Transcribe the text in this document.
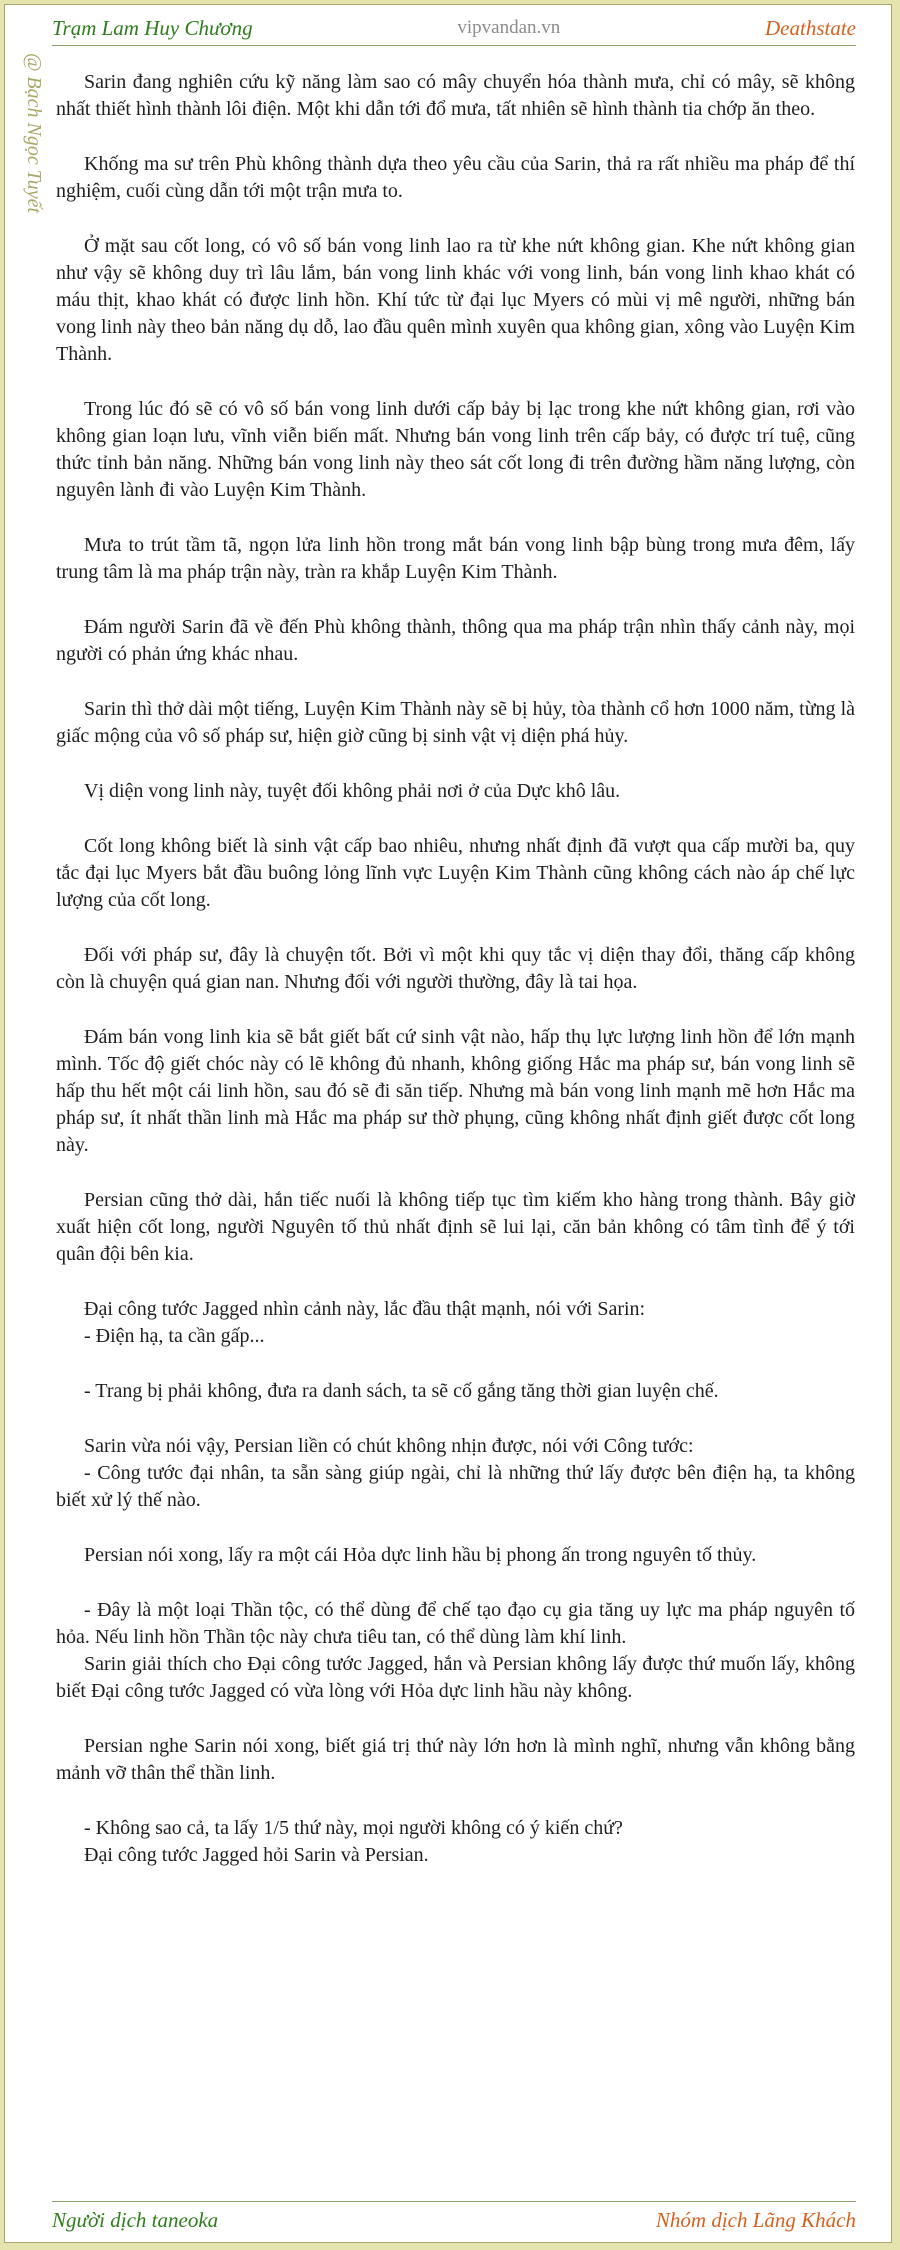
Trạm Lam Huy Chương	vipvandan.vn	Deathstate
@ Bạch Ngọc Tuyết	Sarin đang nghiên cứu kỹ năng làm sao có mây chuyển hóa thành mưa, chỉ có mây, sẽ không nhất thiết hình thành lôi điện. Một khi dẫn tới đổ mưa, tất nhiên sẽ hình thành tia chớp ăn theo.

Khống ma sư trên Phù không thành dựa theo yêu cầu của Sarin, thả ra rất nhiều ma pháp để thí nghiệm, cuối cùng dẫn tới một trận mưa to.

Ở mặt sau cốt long, có vô số bán vong linh lao ra từ khe nứt không gian. Khe nứt không gian như vậy sẽ không duy trì lâu lắm, bán vong linh khác với vong linh, bán vong linh khao khát có máu thịt, khao khát có được linh hồn. Khí tức từ đại lục Myers có mùi vị mê người, những bán vong linh này theo bản năng dụ dỗ, lao đầu quên mình xuyên qua không gian, xông vào Luyện Kim Thành.

Trong lúc đó sẽ có vô số bán vong linh dưới cấp bảy bị lạc trong khe nứt không gian, rơi vào không gian loạn lưu, vĩnh viễn biến mất. Nhưng bán vong linh trên cấp bảy, có được trí tuệ, cũng thức tỉnh bản năng. Những bán vong linh này theo sát cốt long đi trên đường hầm năng lượng, còn nguyên lành đi vào Luyện Kim Thành.

Mưa to trút tầm tã, ngọn lửa linh hồn trong mắt bán vong linh bập bùng trong mưa đêm, lấy trung tâm là ma pháp trận này, tràn ra khắp Luyện Kim Thành.

Đám người Sarin đã về đến Phù không thành, thông qua ma pháp trận nhìn thấy cảnh này, mọi người có phản ứng khác nhau.

Sarin thì thở dài một tiếng, Luyện Kim Thành này sẽ bị hủy, tòa thành cổ hơn 1000 năm, từng là giấc mộng của vô số pháp sư, hiện giờ cũng bị sinh vật vị diện phá hủy.

Vị diện vong linh này, tuyệt đối không phải nơi ở của Dực khô lâu.

Cốt long không biết là sinh vật cấp bao nhiêu, nhưng nhất định đã vượt qua cấp mười ba, quy tắc đại lục Myers bắt đầu buông lỏng lĩnh vực Luyện Kim Thành cũng không cách nào áp chế lực lượng của cốt long.

Đối với pháp sư, đây là chuyện tốt. Bởi vì một khi quy tắc vị diện thay đổi, thăng cấp không còn là chuyện quá gian nan. Nhưng đối với người thường, đây là tai họa.

Đám bán vong linh kia sẽ bắt giết bất cứ sinh vật nào, hấp thụ lực lượng linh hồn để lớn mạnh mình. Tốc độ giết chóc này có lẽ không đủ nhanh, không giống Hắc ma pháp sư, bán vong linh sẽ hấp thu hết một cái linh hồn, sau đó sẽ đi săn tiếp. Nhưng mà bán vong linh mạnh mẽ hơn Hắc ma pháp sư, ít nhất thần linh mà Hắc ma pháp sư thờ phụng, cũng không nhất định giết được cốt long này.

Persian cũng thở dài, hắn tiếc nuối là không tiếp tục tìm kiếm kho hàng trong thành. Bây giờ xuất hiện cốt long, người Nguyên tố thủ nhất định sẽ lui lại, căn bản không có tâm tình để ý tới quân đội bên kia.

Đại công tước Jagged nhìn cảnh này, lắc đầu thật mạnh, nói với Sarin:

- Điện hạ, ta cần gấp...

- Trang bị phải không, đưa ra danh sách, ta sẽ cố gắng tăng thời gian luyện chế.

Sarin vừa nói vậy, Persian liền có chút không nhịn được, nói với Công tước:

- Công tước đại nhân, ta sẵn sàng giúp ngài, chỉ là những thứ lấy được bên điện hạ, ta không biết xử lý thế nào.

Persian nói xong, lấy ra một cái Hỏa dực linh hầu bị phong ấn trong nguyên tố thủy.

- Đây là một loại Thần tộc, có thể dùng để chế tạo đạo cụ gia tăng uy lực ma pháp nguyên tố hỏa. Nếu linh hồn Thần tộc này chưa tiêu tan, có thể dùng làm khí linh.

Sarin giải thích cho Đại công tước Jagged, hắn và Persian không lấy được thứ muốn lấy, không biết Đại công tước Jagged có vừa lòng với Hỏa dực linh hầu này không.

Persian nghe Sarin nói xong, biết giá trị thứ này lớn hơn là mình nghĩ, nhưng vẫn không bằng mảnh vỡ thân thể thần linh.

- Không sao cả, ta lấy 1/5 thứ này, mọi người không có ý kiến chứ?

Đại công tước Jagged hỏi Sarin và Persian.

Người dịch taneoka	Nhóm dịch Lãng Khách
